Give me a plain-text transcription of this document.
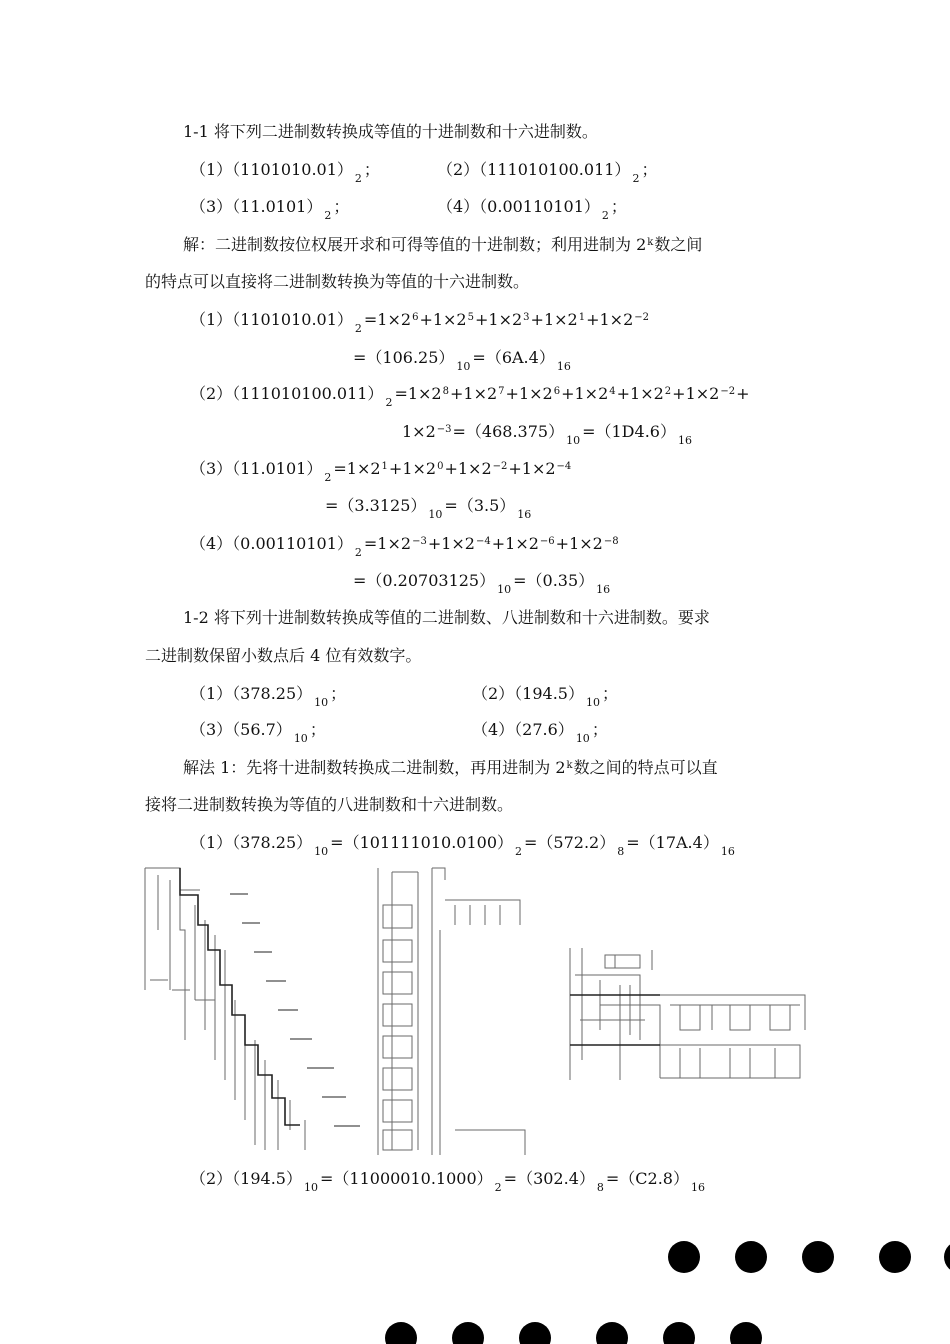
1-1 将下列二进制数转换成等值的十进制数和十六进制数。
（1）（1101010.01） $_2$ ；	（2）（111010100.011） $_2$ ；
（3）（11.0101） $_2$ ；	（4）（0.00110101） $_2$ ；
解：二进制数按位权展开求和可得等值的十进制数；利用进制为 2$^k$数之间
的特点可以直接将二进制数转换为等值的十六进制数。
（1）（1101010.01） $_2 =1\times 2^6+1\times 2^5+1\times 2^3+1\times 2^1+1\times 2^{-2}$
=（106.25） $_{10}$ =（6A.4） $_{16}$
（2）（111010100.011） $_2 =1\times 2^8+1\times 2^7+1\times 2^6+1\times 2^4+1\times 2^2+1\times 2^{-2}+$
$1\times 2^{-3}=(468.375)$ $_{10}$ =（1D4.6） $_{16}$
（3）（11.0101） $_2 =1\times 2^1+1\times 2^0+1\times 2^{-2}+1\times 2^{-4}$
=（3.3125） $_{10}$ =（3.5） $_{16}$
（4）（0.00110101） $_2 =1\times 2^{-3}+1\times 2^{-4}+1\times 2^{-6}+1\times 2^{-8}$
=（0.20703125） $_{10}$ =（0.35） $_{16}$
1-2 将下列十进制数转换成等值的二进制数、八进制数和十六进制数。要求
二进制数保留小数点后 4 位有效数字。
（1）（378.25） $_{10}$ ；	（2）（194.5） $_{10}$ ；
（3）（56.7） $_{10}$ ；	（4）（27.6） $_{10}$ ；
解法 1：先将十进制数转换成二进制数，再用进制为 2$^k$数之间的特点可以直
接将二进制数转换为等值的八进制数和十六进制数。
（1）（378.25） $_{10}$ =（101111010.0100） $_2$ =（572.2） $_8$ =（17A.4） $_{16}$
（2）（194.5） $_{10}$ =（11000010.1000） $_2$ =（302.4） $_8$ =（C2.8） $_{16}$
